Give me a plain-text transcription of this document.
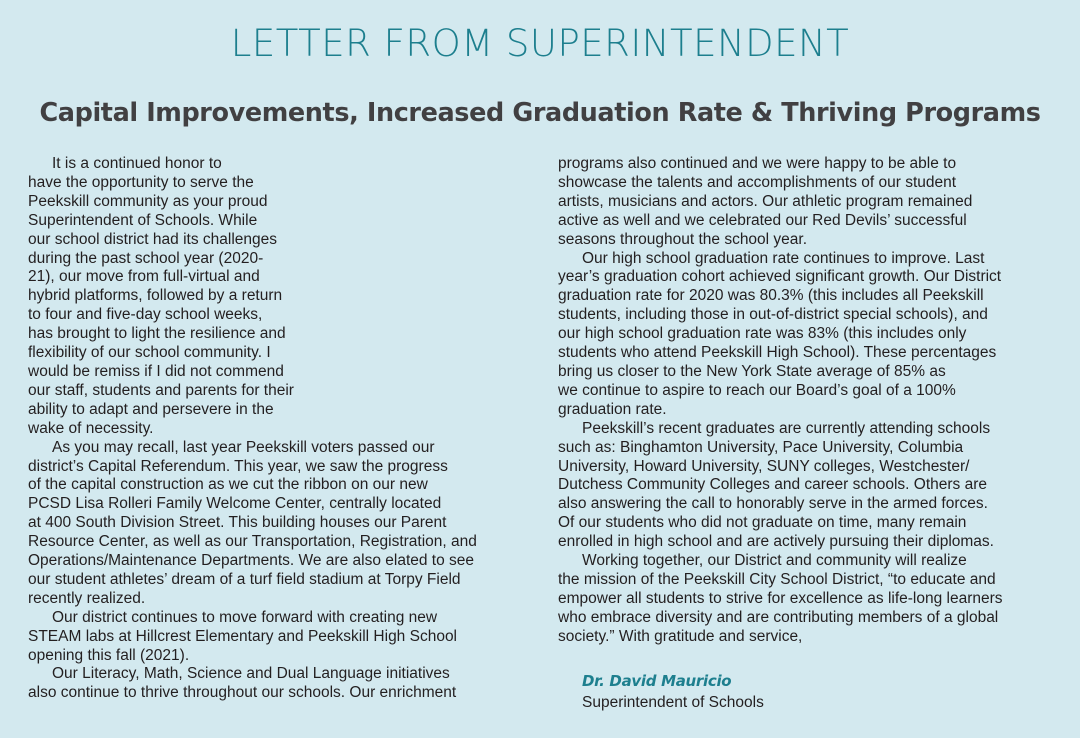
LETTER FROM SUPERINTENDENT
Capital Improvements, Increased Graduation Rate & Thriving Programs
It is a continued honor to
have the opportunity to serve the
Peekskill community as your proud
Superintendent of Schools. While
our school district had its challenges
during the past school year (2020-
21), our move from full-virtual and
hybrid platforms, followed by a return
to four and five-day school weeks,
has brought to light the resilience and
flexibility of our school community. I
would be remiss if I did not commend
our staff, students and parents for their
ability to adapt and persevere in the
wake of necessity.
As you may recall, last year Peekskill voters passed our
district’s Capital Referendum. This year, we saw the progress
of the capital construction as we cut the ribbon on our new
PCSD Lisa Rolleri Family Welcome Center, centrally located
at 400 South Division Street. This building houses our Parent
Resource Center, as well as our Transportation, Registration, and
Operations/Maintenance Departments. We are also elated to see
our student athletes’ dream of a turf field stadium at Torpy Field
recently realized.
Our district continues to move forward with creating new
STEAM labs at Hillcrest Elementary and Peekskill High School
opening this fall (2021).
Our Literacy, Math, Science and Dual Language initiatives
also continue to thrive throughout our schools. Our enrichment
programs also continued and we were happy to be able to
showcase the talents and accomplishments of our student
artists, musicians and actors. Our athletic program remained
active as well and we celebrated our Red Devils’ successful
seasons throughout the school year.
Our high school graduation rate continues to improve. Last
year’s graduation cohort achieved significant growth. Our District
graduation rate for 2020 was 80.3% (this includes all Peekskill
students, including those in out-of-district special schools), and
our high school graduation rate was 83% (this includes only
students who attend Peekskill High School). These percentages
bring us closer to the New York State average of 85% as
we continue to aspire to reach our Board’s goal of a 100%
graduation rate.
Peekskill’s recent graduates are currently attending schools
such as: Binghamton University, Pace University, Columbia
University, Howard University, SUNY colleges, Westchester/
Dutchess Community Colleges and career schools. Others are
also answering the call to honorably serve in the armed forces.
Of our students who did not graduate on time, many remain
enrolled in high school and are actively pursuing their diplomas.
Working together, our District and community will realize
the mission of the Peekskill City School District, “to educate and
empower all students to strive for excellence as life-long learners
who embrace diversity and are contributing members of a global
society.” With gratitude and service,
Dr. David Mauricio
Superintendent of Schools
